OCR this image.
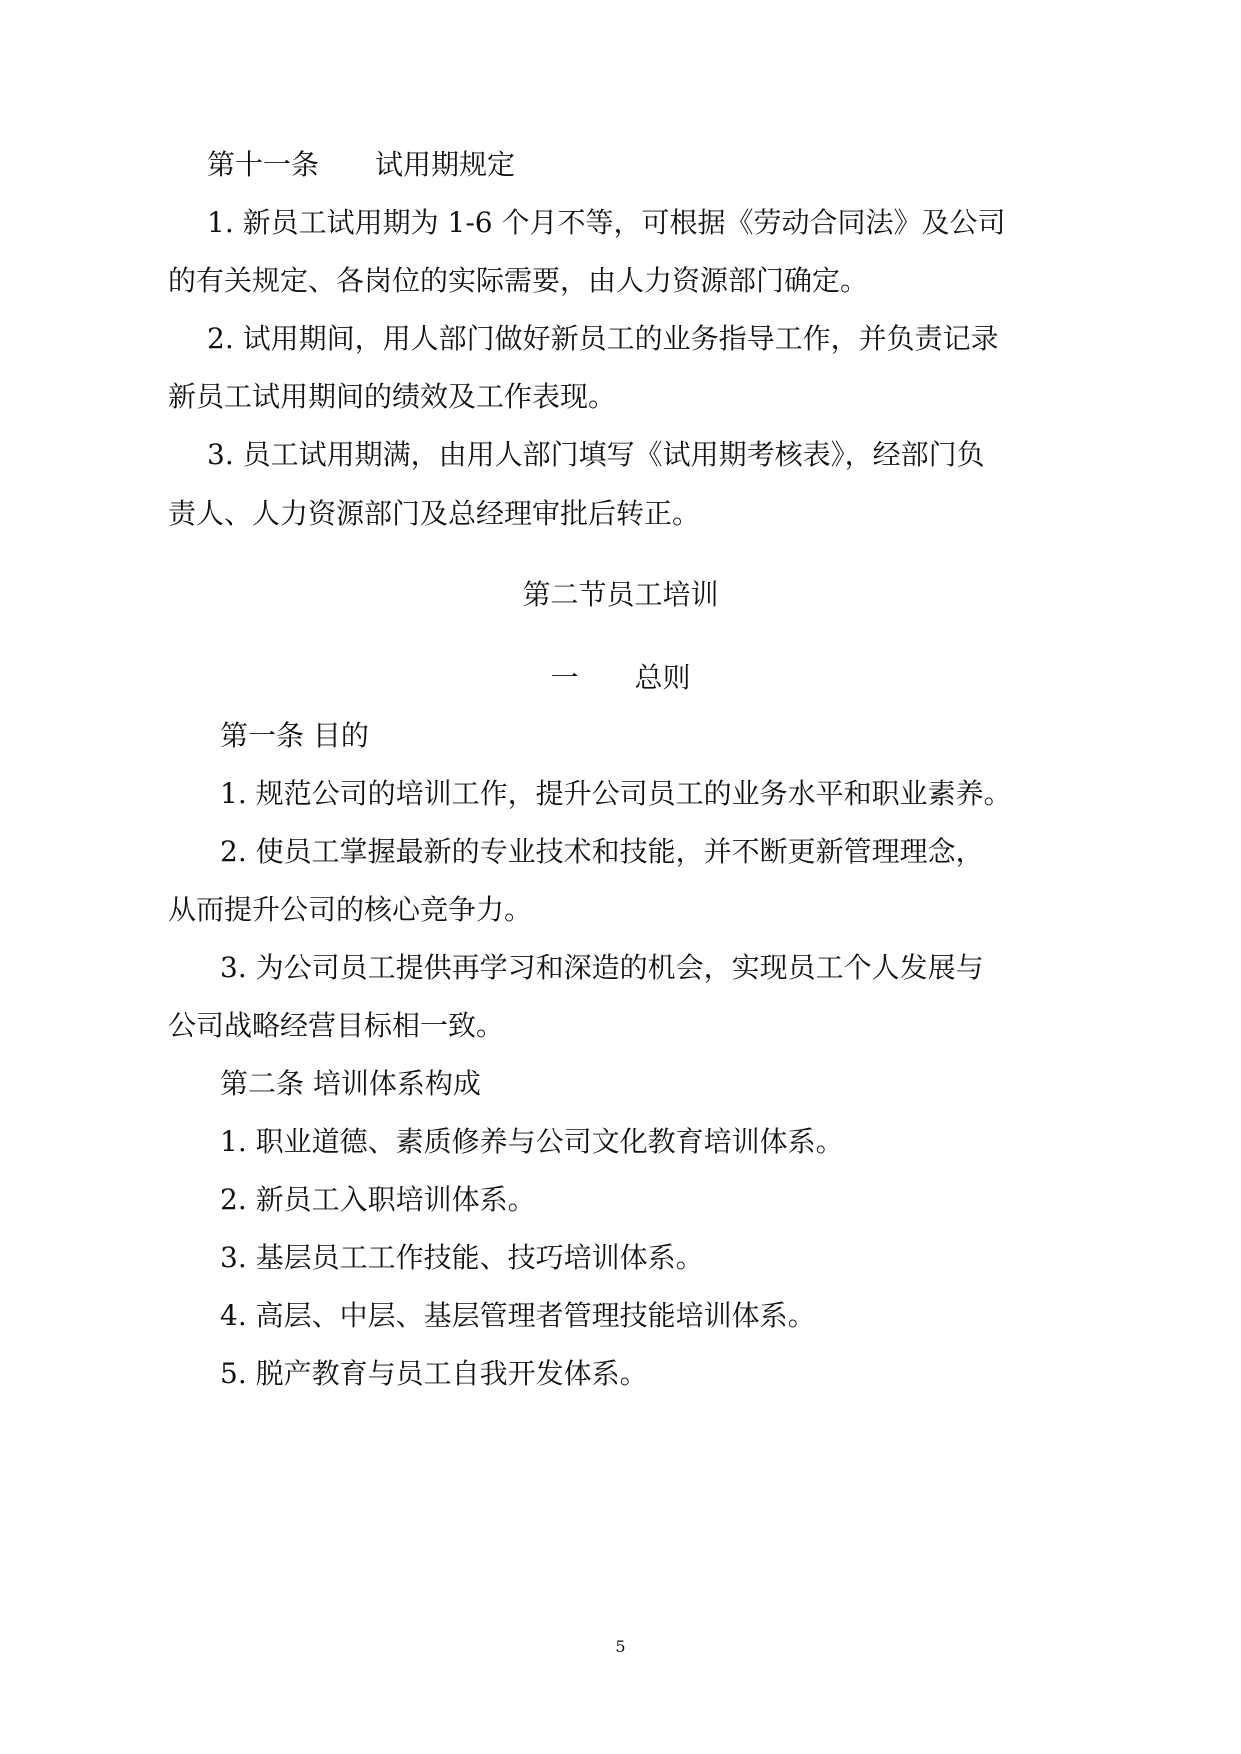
第十一条 试用期规定

1. 新员工试用期为 1-6 个月不等，可根据《劳动合同法》及公司

的有关规定、各岗位的实际需要，由人力资源部门确定。

2. 试用期间，用人部门做好新员工的业务指导工作，并负责记录

新员工试用期间的绩效及工作表现。

3. 员工试用期满，由用人部门填写《试用期考核表》，经部门负

责人、人力资源部门及总经理审批后转正。

第二节员工培训

一 总则

第一条 目的

1. 规范公司的培训工作，提升公司员工的业务水平和职业素养。

2. 使员工掌握最新的专业技术和技能，并不断更新管理理念，

从而提升公司的核心竞争力。

3. 为公司员工提供再学习和深造的机会，实现员工个人发展与

公司战略经营目标相一致。

第二条 培训体系构成

1. 职业道德、素质修养与公司文化教育培训体系。

2. 新员工入职培训体系。

3. 基层员工工作技能、技巧培训体系。

4. 高层、中层、基层管理者管理技能培训体系。

5. 脱产教育与员工自我开发体系。

5
